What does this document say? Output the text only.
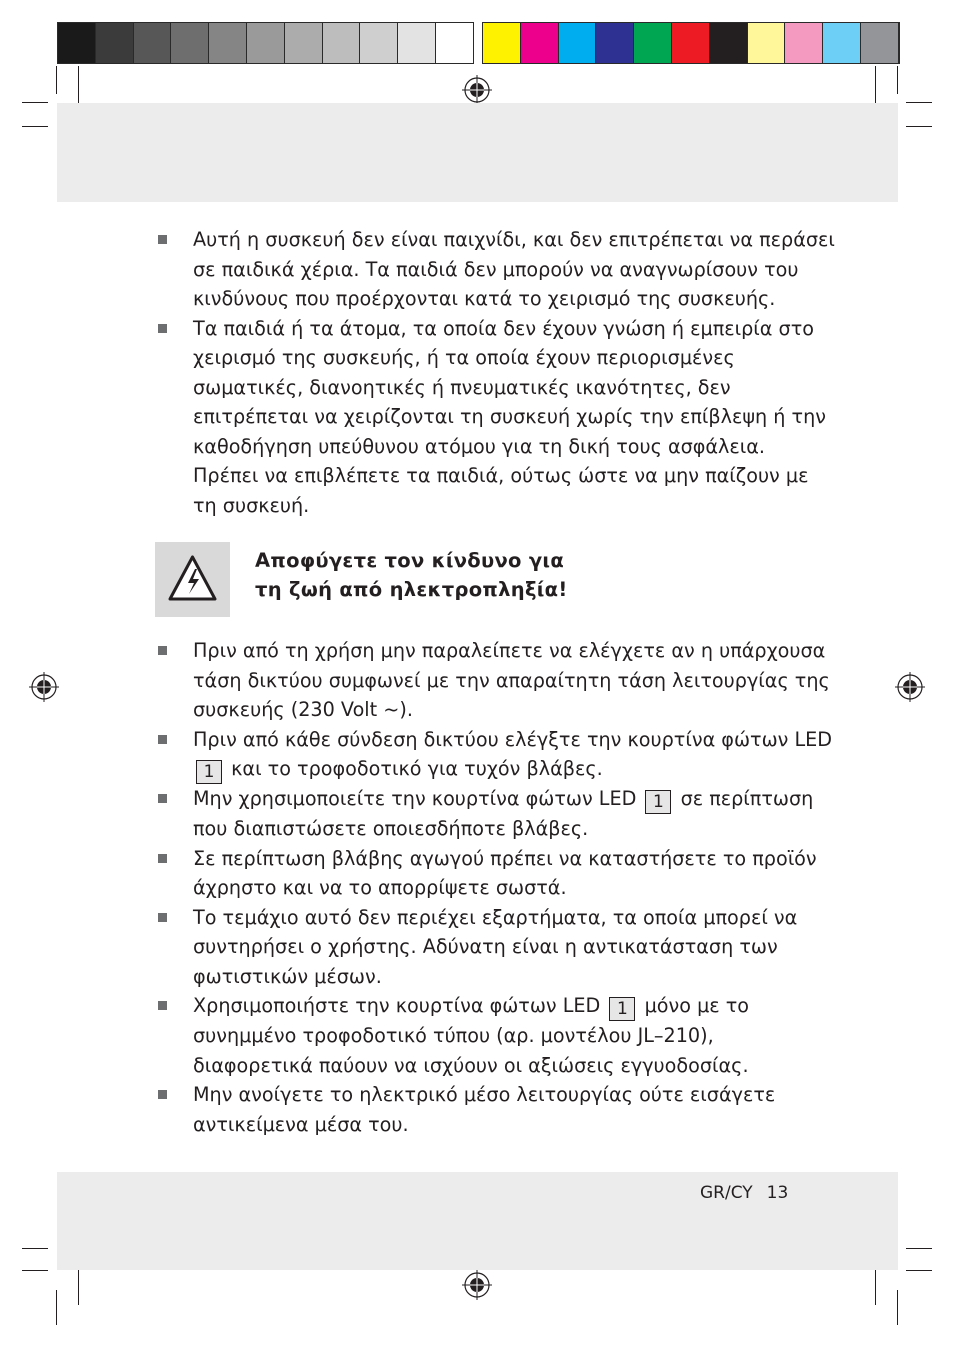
Αυτή η συσκευή δεν είναι παιχνίδι, και δεν επιτρέπεται να περάσει σε παιδικά χέρια. Τα παιδιά δεν μπορούν να αναγνωρίσουν του κινδύνους που προέρχονται κατά το χειρισμό της συσκευής.
Τα παιδιά ή τα άτομα, τα οποία δεν έχουν γνώση ή εμπειρία στο χειρισμό της συσκευής, ή τα οποία έχουν περιορισμένες σωματικές, διανοητικές ή πνευματικές ικανότητες, δεν επιτρέπεται να χειρίζονται τη συσκευή χωρίς την επίβλεψη ή την καθοδήγηση υπεύθυνου ατόμου για τη δική τους ασφάλεια. Πρέπει να επιβλέπετε τα παιδιά, ούτως ώστε να μην παίζουν με τη συσκευή.
Αποφύγετε τον κίνδυνο για
τη ζωή από ηλεκτροπληξία!
Πριν από τη χρήση μην παραλείπετε να ελέγχετε αν η υπάρχουσα τάση δικτύου συμφωνεί με την απαραίτητη τάση λειτουργίας της συσκευής (230 Volt ~).
Πριν από κάθε σύνδεση δικτύου ελέγξτε την κουρτίνα φώτων LED 1 και το τροφοδοτικό για τυχόν βλάβες.
Μην χρησιμοποιείτε την κουρτίνα φώτων LED 1 σε περίπτωση που διαπιστώσετε οποιεσδήποτε βλάβες.
Σε περίπτωση βλάβης αγωγού πρέπει να καταστήσετε το προϊόν άχρηστο και να το απορρίψετε σωστά.
Το τεμάχιο αυτό δεν περιέχει εξαρτήματα, τα οποία μπορεί να συντηρήσει ο χρήστης. Αδύνατη είναι η αντικατάσταση των φωτιστικών μέσων.
Χρησιμοποιήστε την κουρτίνα φώτων LED 1 μόνο με το συνημμένο τροφοδοτικό τύπου (αρ. μοντέλου JL–210), διαφορετικά παύουν να ισχύουν οι αξιώσεις εγγυοδοσίας.
Μην ανοίγετε το ηλεκτρικό μέσο λειτουργίας ούτε εισάγετε αντικείμενα μέσα του.
GR/CY 13
